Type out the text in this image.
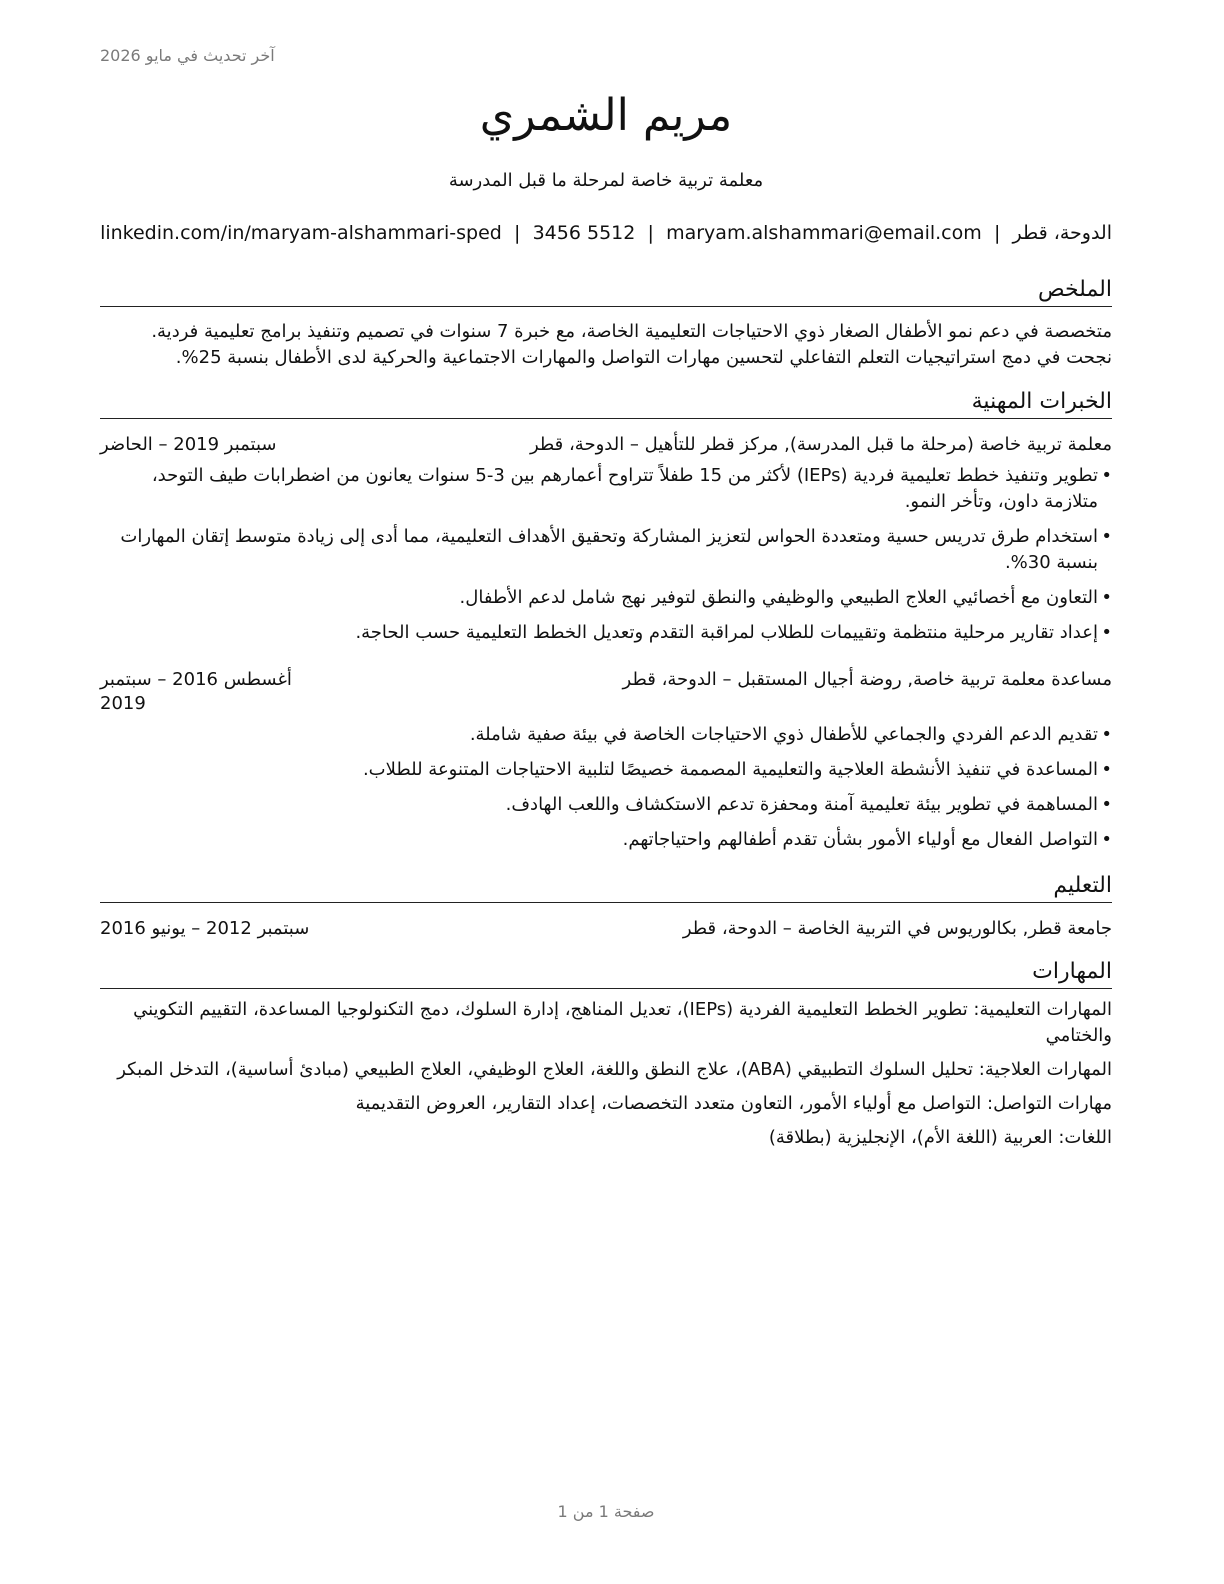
آخر تحديث في مايو 2026
مريم الشمري
معلمة تربية خاصة لمرحلة ما قبل المدرسة
الدوحة، قطر
|
maryam.alshammari@email.com
|
3456 5512
|
linkedin.com/in/maryam-alshammari-sped
الملخص

متخصصة في دعم نمو الأطفال الصغار ذوي الاحتياجات التعليمية الخاصة، مع خبرة 7 سنوات في تصميم وتنفيذ برامج تعليمية فردية. نجحت في دمج استراتيجيات التعلم التفاعلي لتحسين مهارات التواصل والمهارات الاجتماعية والحركية لدى الأطفال بنسبة 25%.

الخبرات المهنية
معلمة تربية خاصة (مرحلة ما قبل المدرسة), مركز قطر للتأهيل – الدوحة، قطر
سبتمبر 2019 – الحاضر
• تطوير وتنفيذ خطط تعليمية فردية (IEPs) لأكثر من 15 طفلاً تتراوح أعمارهم بين 3-5 سنوات يعانون من اضطرابات طيف التوحد، متلازمة داون، وتأخر النمو.
• استخدام طرق تدريس حسية ومتعددة الحواس لتعزيز المشاركة وتحقيق الأهداف التعليمية، مما أدى إلى زيادة متوسط إتقان المهارات بنسبة 30%.
• التعاون مع أخصائيي العلاج الطبيعي والوظيفي والنطق لتوفير نهج شامل لدعم الأطفال.
• إعداد تقارير مرحلية منتظمة وتقييمات للطلاب لمراقبة التقدم وتعديل الخطط التعليمية حسب الحاجة.
مساعدة معلمة تربية خاصة, روضة أجيال المستقبل – الدوحة، قطر
أغسطس 2016 – سبتمبر 2019
• تقديم الدعم الفردي والجماعي للأطفال ذوي الاحتياجات الخاصة في بيئة صفية شاملة.
• المساعدة في تنفيذ الأنشطة العلاجية والتعليمية المصممة خصيصًا لتلبية الاحتياجات المتنوعة للطلاب.
• المساهمة في تطوير بيئة تعليمية آمنة ومحفزة تدعم الاستكشاف واللعب الهادف.
• التواصل الفعال مع أولياء الأمور بشأن تقدم أطفالهم واحتياجاتهم.
التعليم
جامعة قطر, بكالوريوس في التربية الخاصة – الدوحة، قطر
سبتمبر 2012 – يونيو 2016
المهارات

المهارات التعليمية: تطوير الخطط التعليمية الفردية (IEPs)، تعديل المناهج، إدارة السلوك، دمج التكنولوجيا المساعدة، التقييم التكويني والختامي

المهارات العلاجية: تحليل السلوك التطبيقي (ABA)، علاج النطق واللغة، العلاج الوظيفي، العلاج الطبيعي (مبادئ أساسية)، التدخل المبكر

مهارات التواصل: التواصل مع أولياء الأمور، التعاون متعدد التخصصات، إعداد التقارير، العروض التقديمية

اللغات: العربية (اللغة الأم)، الإنجليزية (بطلاقة)

صفحة 1 من 1
